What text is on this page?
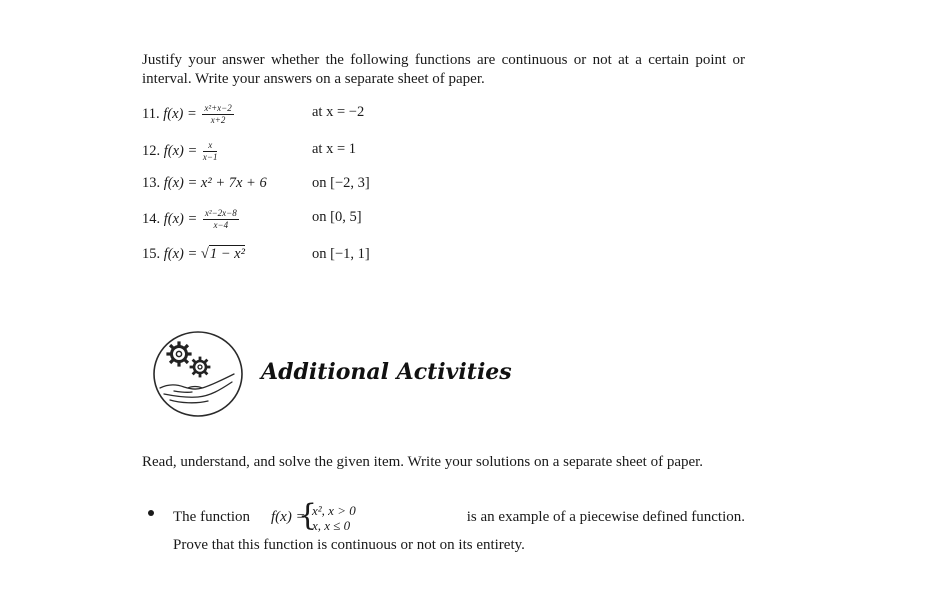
Justify your answer whether the following functions are continuous or not at a certain point or interval. Write your answers on a separate sheet of paper.
11. $f(x) = \frac{\text{x²+x−2}}{x+2}$	at x = −2
12. $f(x) = \frac{x}{x-1}$	at x = 1
13. f(x) = x² + 7x + 6	on [−2, 3]
14. $f(x) = \frac{\text{x²−2x−8}}{x-4}$	on [0, 5]
15. f(x) = √1 − x²	on [−1, 1]
Additional Activities
Read, understand, and solve the given item. Write your solutions on a separate sheet of paper.
The function f(x) =
{
x², x > 0
x, x ≤ 0
is an example of a piecewise defined function.
Prove that this function is continuous or not on its entirety.
